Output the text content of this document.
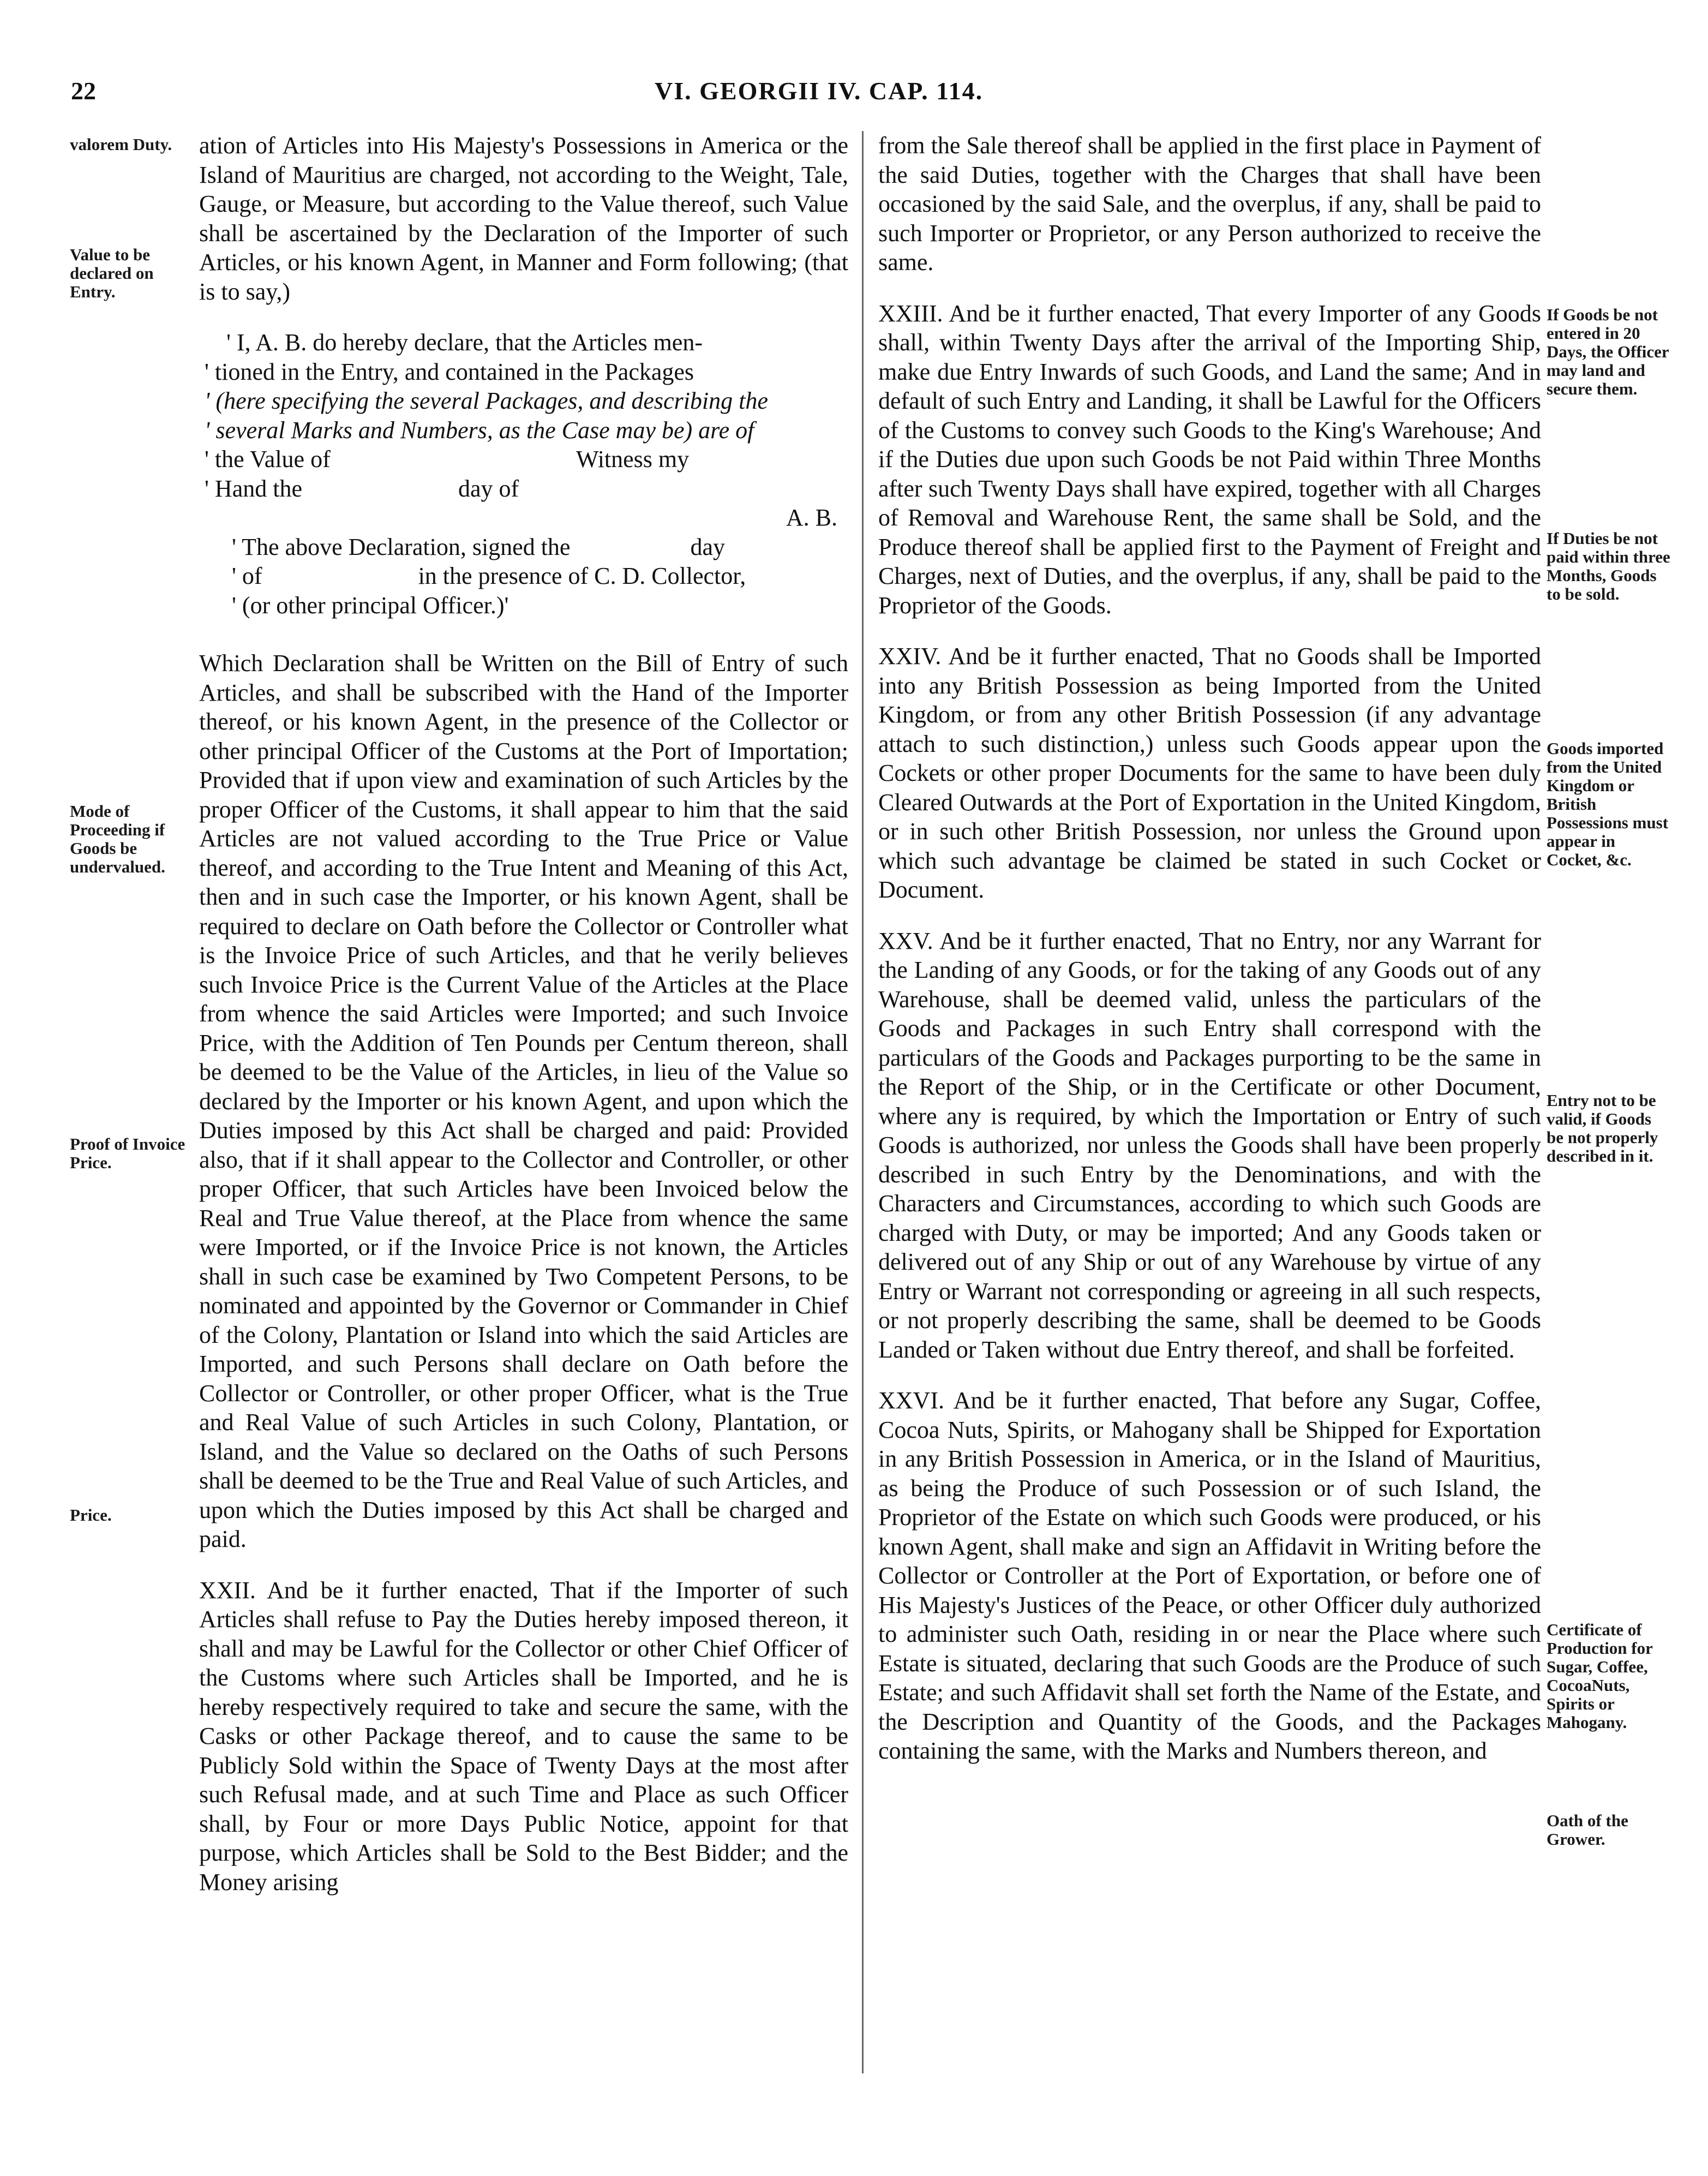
22	VI. GEORGII IV. CAP. 114.
valorem Duty.
Value to be declared on Entry.
Mode of Proceeding if Goods be undervalued.
Proof of Invoice Price.
Price.
If Goods be not entered in 20 Days, the Officer may land and secure them.
If Duties be not paid within three Months, Goods to be sold.
Goods imported from the United Kingdom or British Possessions must appear in Cocket, &c.
Entry not to be valid, if Goods be not properly described in it.
Certificate of Production for Sugar, Coffee, CocoaNuts, Spirits or Mahogany.
Oath of the Grower.

ation of Articles into His Majesty's Possessions in America or the Island of Mauritius are charged, not according to the Weight, Tale, Gauge, or Measure, but according to the Value thereof, such Value shall be ascertained by the Declaration of the Importer of such Articles, or his known Agent, in Manner and Form following; (that is to say,)

' I, A. B. do hereby declare, that the Articles men-
' tioned in the Entry, and contained in the Packages
' (here specifying the several Packages, and describing the
' several Marks and Numbers, as the Case may be) are of
' the Value of                                         Witness my
' Hand the                          day of
A. B.
' The above Declaration, signed the                    day
' of                          in the presence of C. D. Collector,
' (or other principal Officer.)'

Which Declaration shall be Written on the Bill of Entry of such Articles, and shall be subscribed with the Hand of the Importer thereof, or his known Agent, in the presence of the Collector or other principal Officer of the Customs at the Port of Importation; Provided that if upon view and examination of such Articles by the proper Officer of the Customs, it shall appear to him that the said Articles are not valued according to the True Price or Value thereof, and according to the True Intent and Meaning of this Act, then and in such case the Importer, or his known Agent, shall be required to declare on Oath before the Collector or Controller what is the Invoice Price of such Articles, and that he verily believes such Invoice Price is the Current Value of the Articles at the Place from whence the said Articles were Imported; and such Invoice Price, with the Addition of Ten Pounds per Centum thereon, shall be deemed to be the Value of the Articles, in lieu of the Value so declared by the Importer or his known Agent, and upon which the Duties imposed by this Act shall be charged and paid: Provided also, that if it shall appear to the Collector and Controller, or other proper Officer, that such Articles have been Invoiced below the Real and True Value thereof, at the Place from whence the same were Imported, or if the Invoice Price is not known, the Articles shall in such case be examined by Two Competent Persons, to be nominated and appointed by the Governor or Commander in Chief of the Colony, Plantation or Island into which the said Articles are Imported, and such Persons shall declare on Oath before the Collector or Controller, or other proper Officer, what is the True and Real Value of such Articles in such Colony, Plantation, or Island, and the Value so declared on the Oaths of such Persons shall be deemed to be the True and Real Value of such Articles, and upon which the Duties imposed by this Act shall be charged and paid.

XXII. And be it further enacted, That if the Importer of such Articles shall refuse to Pay the Duties hereby imposed thereon, it shall and may be Lawful for the Collector or other Chief Officer of the Customs where such Articles shall be Imported, and he is hereby respectively required to take and secure the same, with the Casks or other Package thereof, and to cause the same to be Publicly Sold within the Space of Twenty Days at the most after such Refusal made, and at such Time and Place as such Officer shall, by Four or more Days Public Notice, appoint for that purpose, which Articles shall be Sold to the Best Bidder; and the Money arising

from the Sale thereof shall be applied in the first place in Payment of the said Duties, together with the Charges that shall have been occasioned by the said Sale, and the overplus, if any, shall be paid to such Importer or Proprietor, or any Person authorized to receive the same.

XXIII. And be it further enacted, That every Importer of any Goods shall, within Twenty Days after the arrival of the Importing Ship, make due Entry Inwards of such Goods, and Land the same; And in default of such Entry and Landing, it shall be Lawful for the Officers of the Customs to convey such Goods to the King's Warehouse; And if the Duties due upon such Goods be not Paid within Three Months after such Twenty Days shall have expired, together with all Charges of Removal and Warehouse Rent, the same shall be Sold, and the Produce thereof shall be applied first to the Payment of Freight and Charges, next of Duties, and the overplus, if any, shall be paid to the Proprietor of the Goods.

XXIV. And be it further enacted, That no Goods shall be Imported into any British Possession as being Imported from the United Kingdom, or from any other British Possession (if any advantage attach to such distinction,) unless such Goods appear upon the Cockets or other proper Documents for the same to have been duly Cleared Outwards at the Port of Exportation in the United Kingdom, or in such other British Possession, nor unless the Ground upon which such advantage be claimed be stated in such Cocket or Document.

XXV. And be it further enacted, That no Entry, nor any Warrant for the Landing of any Goods, or for the taking of any Goods out of any Warehouse, shall be deemed valid, unless the particulars of the Goods and Packages in such Entry shall correspond with the particulars of the Goods and Packages purporting to be the same in the Report of the Ship, or in the Certificate or other Document, where any is required, by which the Importation or Entry of such Goods is authorized, nor unless the Goods shall have been properly described in such Entry by the Denominations, and with the Characters and Circumstances, according to which such Goods are charged with Duty, or may be imported; And any Goods taken or delivered out of any Ship or out of any Warehouse by virtue of any Entry or Warrant not corresponding or agreeing in all such respects, or not properly describing the same, shall be deemed to be Goods Landed or Taken without due Entry thereof, and shall be forfeited.

XXVI. And be it further enacted, That before any Sugar, Coffee, Cocoa Nuts, Spirits, or Mahogany shall be Shipped for Exportation in any British Possession in America, or in the Island of Mauritius, as being the Produce of such Possession or of such Island, the Proprietor of the Estate on which such Goods were produced, or his known Agent, shall make and sign an Affidavit in Writing before the Collector or Controller at the Port of Exportation, or before one of His Majesty's Justices of the Peace, or other Officer duly authorized to administer such Oath, residing in or near the Place where such Estate is situated, declaring that such Goods are the Produce of such Estate; and such Affidavit shall set forth the Name of the Estate, and the Description and Quantity of the Goods, and the Packages containing the same, with the Marks and Numbers thereon, and
